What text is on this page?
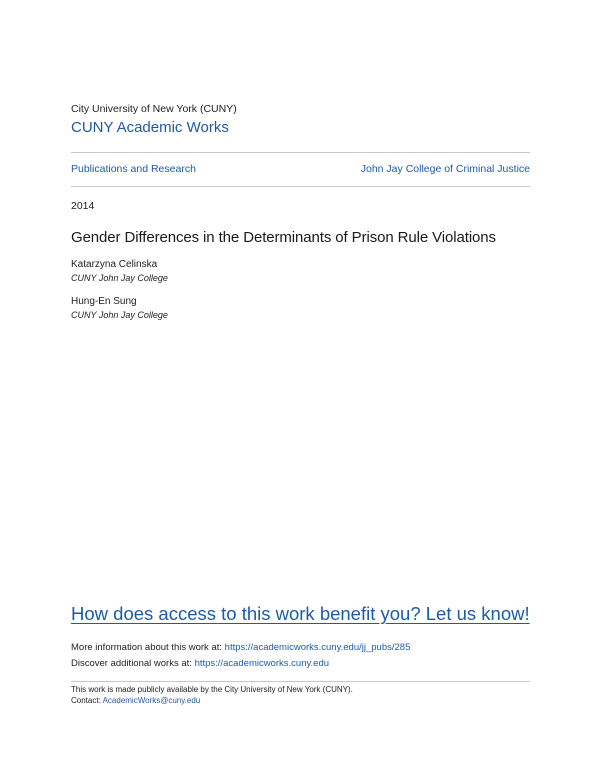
City University of New York (CUNY)
CUNY Academic Works
Publications and Research	John Jay College of Criminal Justice
2014
Gender Differences in the Determinants of Prison Rule Violations
Katarzyna Celinska
CUNY John Jay College
Hung-En Sung
CUNY John Jay College
How does access to this work benefit you? Let us know!
More information about this work at: https://academicworks.cuny.edu/jj_pubs/285
Discover additional works at: https://academicworks.cuny.edu
This work is made publicly available by the City University of New York (CUNY).
Contact: AcademicWorks@cuny.edu
